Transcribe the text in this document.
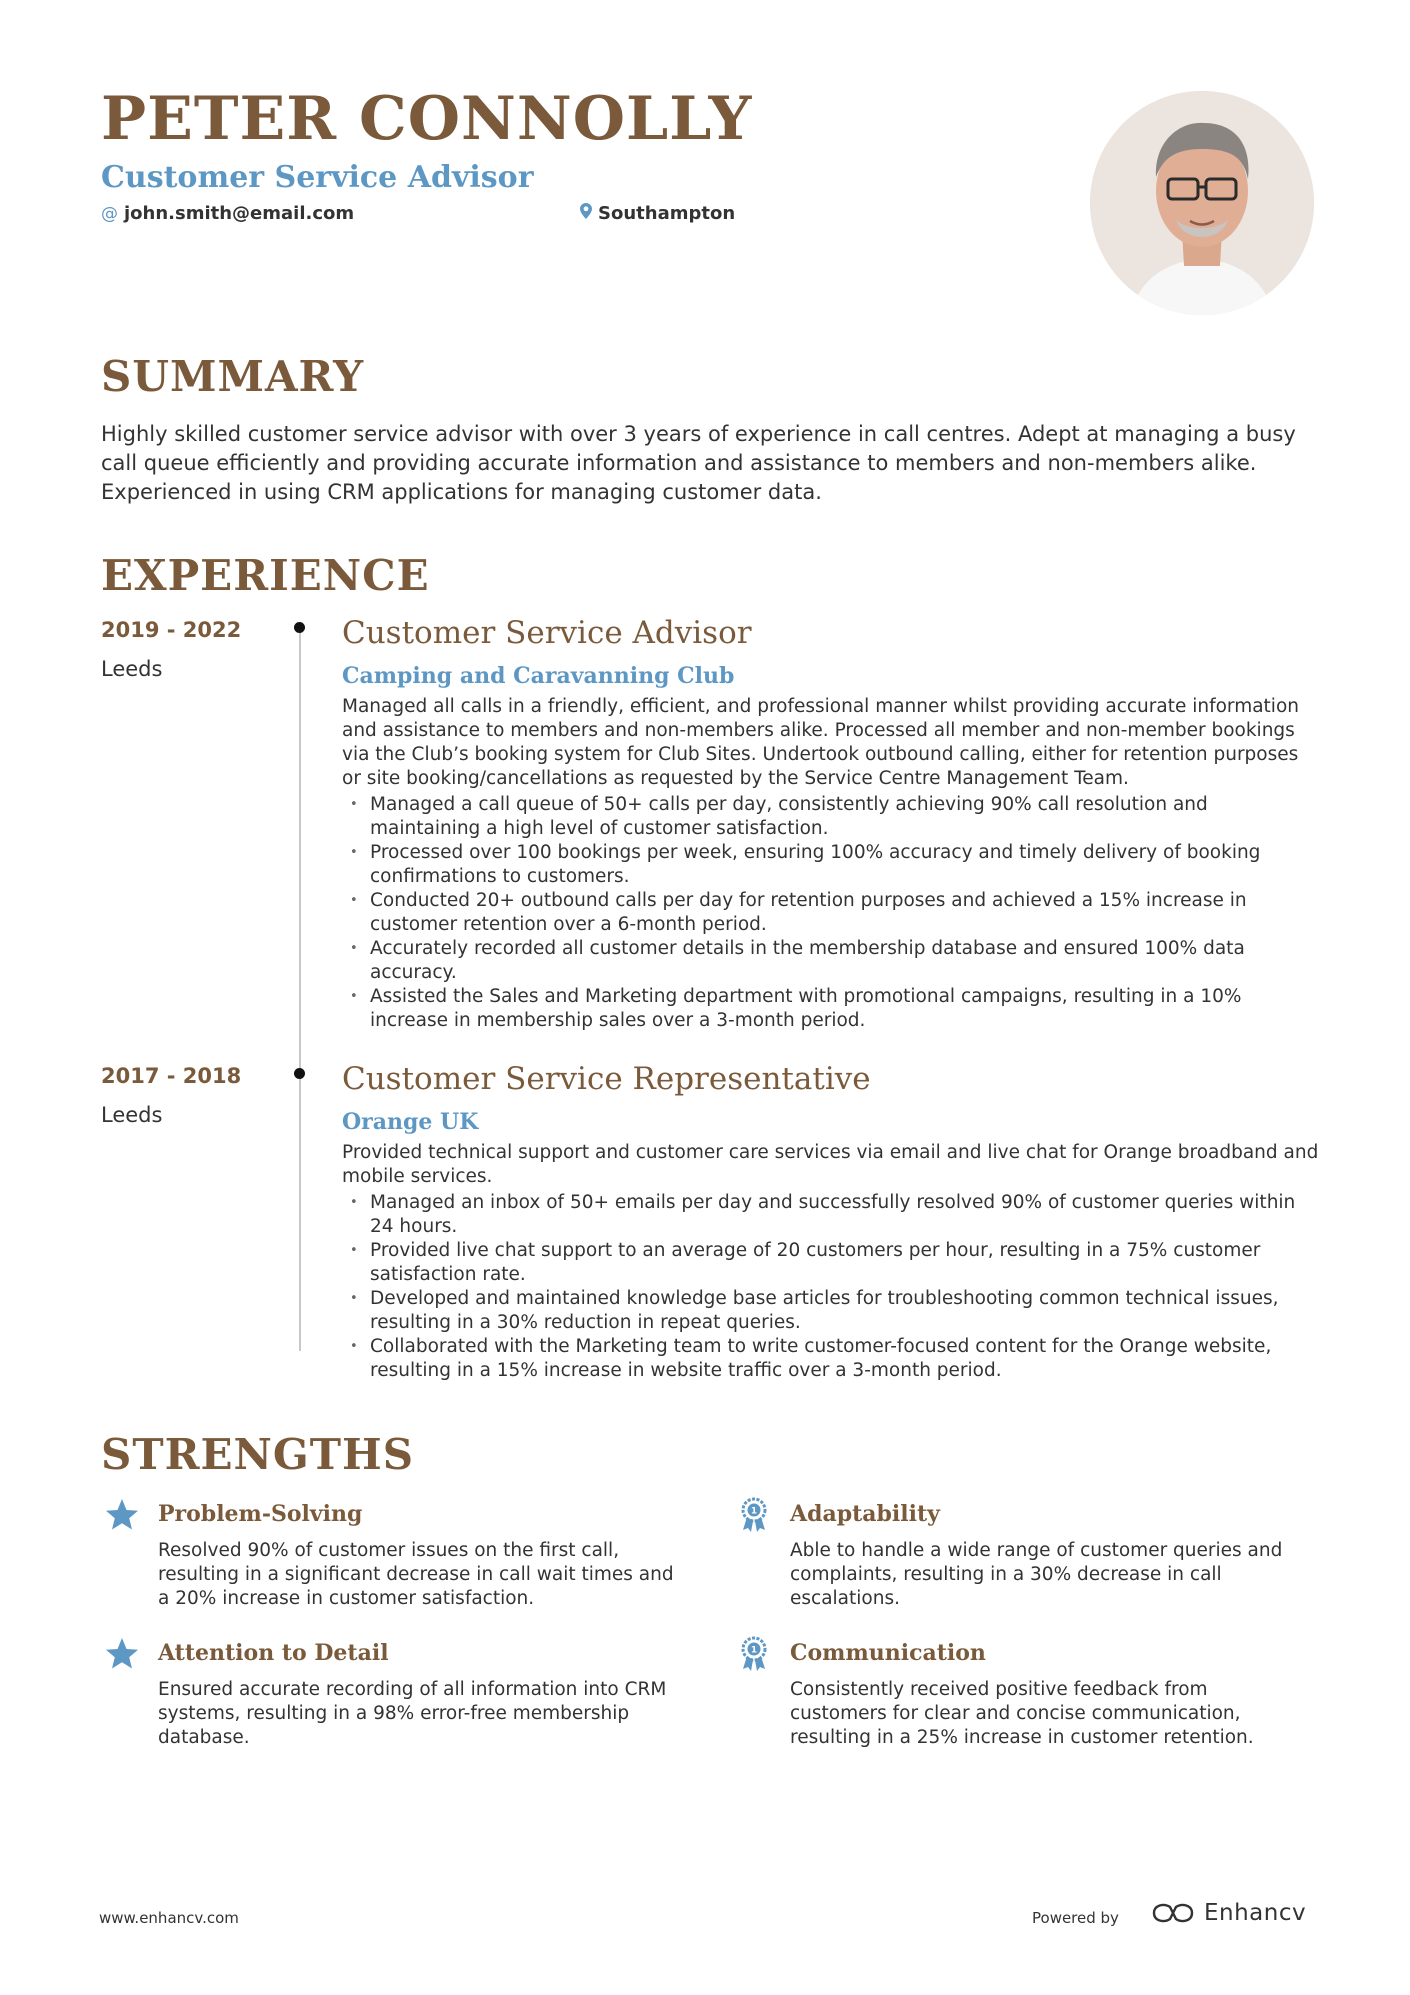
PETER CONNOLLY
Customer Service Advisor
@ john.smith@email.com	Southampton
SUMMARY
Highly skilled customer service advisor with over 3 years of experience in call centres. Adept at managing a busy call queue efficiently and providing accurate information and assistance to members and non-members alike. Experienced in using CRM applications for managing customer data.
EXPERIENCE
2019 - 2022
Leeds
Customer Service Advisor
Camping and Caravanning Club
Managed all calls in a friendly, efficient, and professional manner whilst providing accurate information and assistance to members and non-members alike. Processed all member and non-member bookings via the Club’s booking system for Club Sites. Undertook outbound calling, either for retention purposes or site booking/cancellations as requested by the Service Centre Management Team.
• Managed a call queue of 50+ calls per day, consistently achieving 90% call resolution and maintaining a high level of customer satisfaction.
• Processed over 100 bookings per week, ensuring 100% accuracy and timely delivery of booking confirmations to customers.
• Conducted 20+ outbound calls per day for retention purposes and achieved a 15% increase in customer retention over a 6-month period.
• Accurately recorded all customer details in the membership database and ensured 100% data accuracy.
• Assisted the Sales and Marketing department with promotional campaigns, resulting in a 10% increase in membership sales over a 3-month period.
2017 - 2018
Leeds
Customer Service Representative
Orange UK
Provided technical support and customer care services via email and live chat for Orange broadband and mobile services.
• Managed an inbox of 50+ emails per day and successfully resolved 90% of customer queries within 24 hours.
• Provided live chat support to an average of 20 customers per hour, resulting in a 75% customer satisfaction rate.
• Developed and maintained knowledge base articles for troubleshooting common technical issues, resulting in a 30% reduction in repeat queries.
• Collaborated with the Marketing team to write customer-focused content for the Orange website, resulting in a 15% increase in website traffic over a 3-month period.
STRENGTHS
Problem-Solving
Resolved 90% of customer issues on the first call, resulting in a significant decrease in call wait times and a 20% increase in customer satisfaction.
1 Adaptability
Able to handle a wide range of customer queries and complaints, resulting in a 30% decrease in call escalations.
Attention to Detail
Ensured accurate recording of all information into CRM systems, resulting in a 98% error-free membership database.
1 Communication
Consistently received positive feedback from customers for clear and concise communication, resulting in a 25% increase in customer retention.
www.enhancv.com	Powered by	Enhancv
